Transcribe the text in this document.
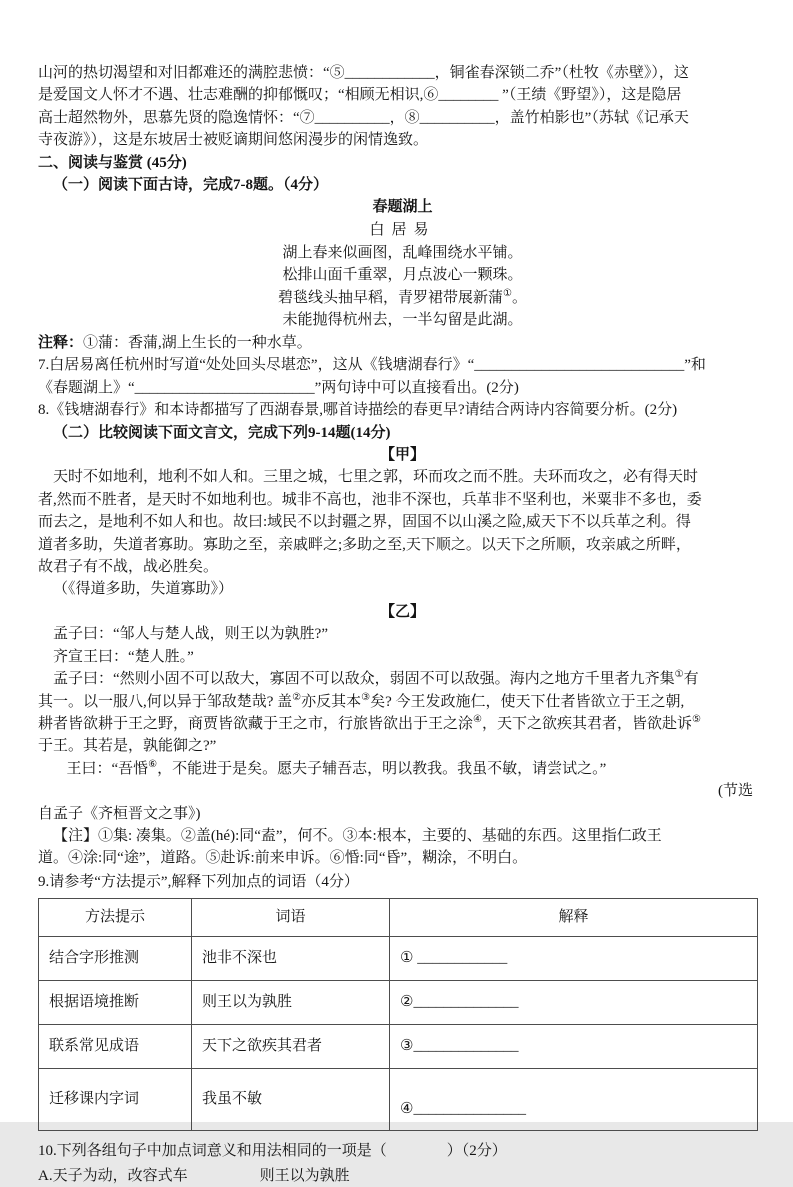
山河的热切渴望和对旧都难还的满腔悲愤：“⑤____________，铜雀春深锁二乔”（杜牧《赤壁》），这
是爱国文人怀才不遇、壮志难酬的抑郁慨叹；“相顾无相识,⑥________ ”（王绩《野望》），这是隐居
高士超然物外，思慕先贤的隐逸情怀：“⑦__________，⑧__________，盖竹柏影也”（苏轼《记承天
寺夜游》），这是东坡居士被贬谪期间悠闲漫步的闲情逸致。
二、阅读与鉴赏 (45分)
（一）阅读下面古诗，完成7-8题。（4分）
春题湖上
白居易
湖上春来似画图，乱峰围绕水平铺。
松排山面千重翠，月点波心一颗珠。
碧毯线头抽早稻，青罗裙带展新蒲①。
未能抛得杭州去，一半勾留是此湖。
注释：①蒲：香蒲,湖上生长的一种水草。
7.白居易离任杭州时写道“处处回头尽堪恋”，这从《钱塘湖春行》“____________________________”和
《春题湖上》“________________________”两句诗中可以直接看出。(2分)
8.《钱塘湖春行》和本诗都描写了西湖春景,哪首诗描绘的春更早?请结合两诗内容简要分析。(2分)
（二）比较阅读下面文言文，完成下列9-14题(14分)
【甲】
天时不如地利，地利不如人和。三里之城，七里之郭，环而攻之而不胜。夫环而攻之，必有得天时
者,然而不胜者，是天时不如地利也。城非不高也，池非不深也，兵革非不坚利也，米粟非不多也，委
而去之，是地利不如人和也。故曰:域民不以封疆之界，固国不以山溪之险,威天下不以兵革之利。得
道者多助，失道者寡助。寡助之至，亲戚畔之;多助之至,天下顺之。以天下之所顺，攻亲戚之所畔，
故君子有不战，战必胜矣。
（《得道多助，失道寡助》）
【乙】
孟子曰：“邹人与楚人战，则王以为孰胜?”
齐宣王曰：“楚人胜。”
孟子曰：“然则小固不可以敌大，寡固不可以敌众，弱固不可以敌强。海内之地方千里者九齐集①有
其一。以一服八,何以异于邹敌楚哉? 盖②亦反其本③矣? 今王发政施仁，使天下仕者皆欲立于王之朝,
耕者皆欲耕于王之野，商贾皆欲藏于王之市，行旅皆欲出于王之涂④，天下之欲疾其君者，皆欲赴诉⑤
于王。其若是，孰能御之?”
王曰：“吾惛⑥，不能进于是矣。愿夫子辅吾志，明以教我。我虽不敏，请尝试之。”
(节选
自孟子《齐桓晋文之事》)
【注】①集: 凑集。②盖(hé):同“盍”，何不。③本:根本，主要的、基础的东西。这里指仁政王
道。④涂:同“途”，道路。⑤赴诉:前来申诉。⑥惛:同“昏”，糊涂，不明白。
9.请参考“方法提示”,解释下列加点的词语（4分）
方法提示	词语	解释
结合字形推测	池非不深也	① ____________
根据语境推断	则王以为孰胜	②______________
联系常见成语	天下之欲疾其君者	③______________
迁移课内字词	我虽不敏	④_______________
10.下列各组句子中加点词意义和用法相同的一项是（　　　　）（2分）
A.天子为动，改容式车	则王以为孰胜
